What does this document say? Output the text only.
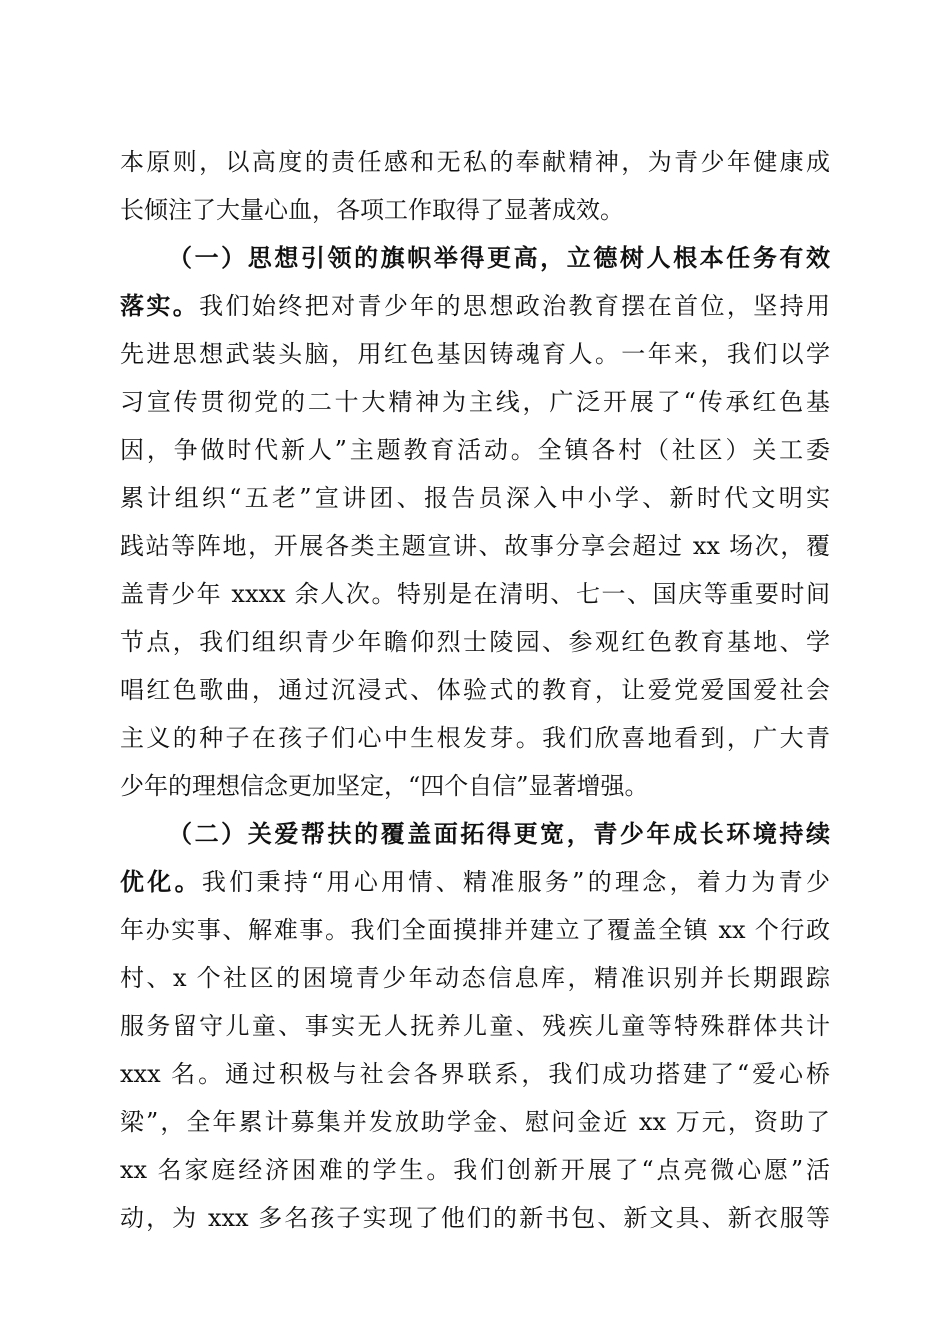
本原则，以高度的责任感和无私的奉献精神，为青少年健康成
长倾注了大量心血，各项工作取得了显著成效。
（一）思想引领的旗帜举得更高，立德树人根本任务有效
落实。我们始终把对青少年的思想政治教育摆在首位，坚持用
先进思想武装头脑，用红色基因铸魂育人。一年来，我们以学
习宣传贯彻党的二十大精神为主线，广泛开展了“传承红色基
因，争做时代新人”主题教育活动。全镇各村（社区）关工委
累计组织“五老”宣讲团、报告员深入中小学、新时代文明实
践站等阵地，开展各类主题宣讲、故事分享会超过 xx 场次，覆
盖青少年 xxxx 余人次。特别是在清明、七一、国庆等重要时间
节点，我们组织青少年瞻仰烈士陵园、参观红色教育基地、学
唱红色歌曲，通过沉浸式、体验式的教育，让爱党爱国爱社会
主义的种子在孩子们心中生根发芽。我们欣喜地看到，广大青
少年的理想信念更加坚定，“四个自信”显著增强。
（二）关爱帮扶的覆盖面拓得更宽，青少年成长环境持续
优化。我们秉持“用心用情、精准服务”的理念，着力为青少
年办实事、解难事。我们全面摸排并建立了覆盖全镇 xx 个行政
村、x 个社区的困境青少年动态信息库，精准识别并长期跟踪
服务留守儿童、事实无人抚养儿童、残疾儿童等特殊群体共计
xxx 名。通过积极与社会各界联系，我们成功搭建了“爱心桥
梁”，全年累计募集并发放助学金、慰问金近 xx 万元，资助了
xx 名家庭经济困难的学生。我们创新开展了“点亮微心愿”活
动，为 xxx 多名孩子实现了他们的新书包、新文具、新衣服等
